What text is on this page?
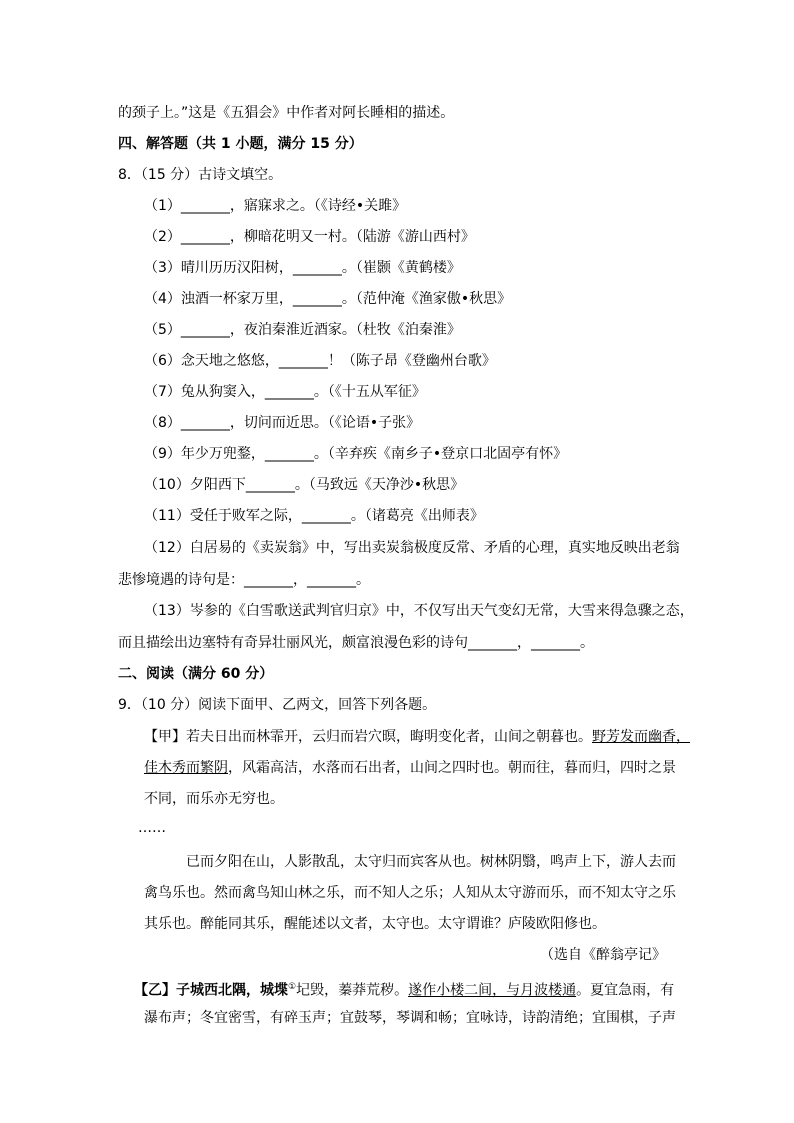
的颈子上。”这是《五猖会》中作者对阿长睡相的描述。
四、解答题（共 1 小题，满分 15 分）
8．（15 分）古诗文填空。
（1）_______，寤寐求之。（《诗经•关雎》
（2）_______，柳暗花明又一村。（陆游《游山西村》
（3）晴川历历汉阳树，_______。（崔颢《黄鹤楼》
（4）浊酒一杯家万里，_______。（范仲淹《渔家傲•秋思》
（5）_______，夜泊秦淮近酒家。（杜牧《泊秦淮》
（6）念天地之悠悠，_______！（陈子昂《登幽州台歌》
（7）兔从狗窦入，_______。（《十五从军征》
（8）_______，切问而近思。（《论语•子张》
（9）年少万兜鍪，_______。（辛弃疾《南乡子•登京口北固亭有怀》
（10）夕阳西下_______。（马致远《天净沙•秋思》
（11）受任于败军之际，_______。（诸葛亮《出师表》
（12）白居易的《卖炭翁》中，写出卖炭翁极度反常、矛盾的心理，真实地反映出老翁
悲惨境遇的诗句是：_______，_______。
（13）岑参的《白雪歌送武判官归京》中，不仅写出天气变幻无常，大雪来得急骤之态，
而且描绘出边塞特有奇异壮丽风光，颇富浪漫色彩的诗句_______，_______。
二、阅读（满分 60 分）
9．（10 分）阅读下面甲、乙两文，回答下列各题。
【甲】若夫日出而林霏开，云归而岩穴暝，晦明变化者，山间之朝暮也。野芳发而幽香，
佳木秀而繁阴，风霜高洁，水落而石出者，山间之四时也。朝而往，暮而归，四时之景
不同，而乐亦无穷也。
……
已而夕阳在山，人影散乱，太守归而宾客从也。树林阴翳，鸣声上下，游人去而
禽鸟乐也。然而禽鸟知山林之乐，而不知人之乐；人知从太守游而乐，而不知太守之乐
其乐也。醉能同其乐，醒能述以文者，太守也。太守谓谁？庐陵欧阳修也。
（选自《醉翁亭记》
【乙】子城西北隅，城堞①圮毁，蓁莽荒秽。遂作小楼二间，与月波楼通。夏宜急雨，有
瀑布声；冬宜密雪，有碎玉声；宜鼓琴，琴调和畅；宜咏诗，诗韵清绝；宜围棋，子声
